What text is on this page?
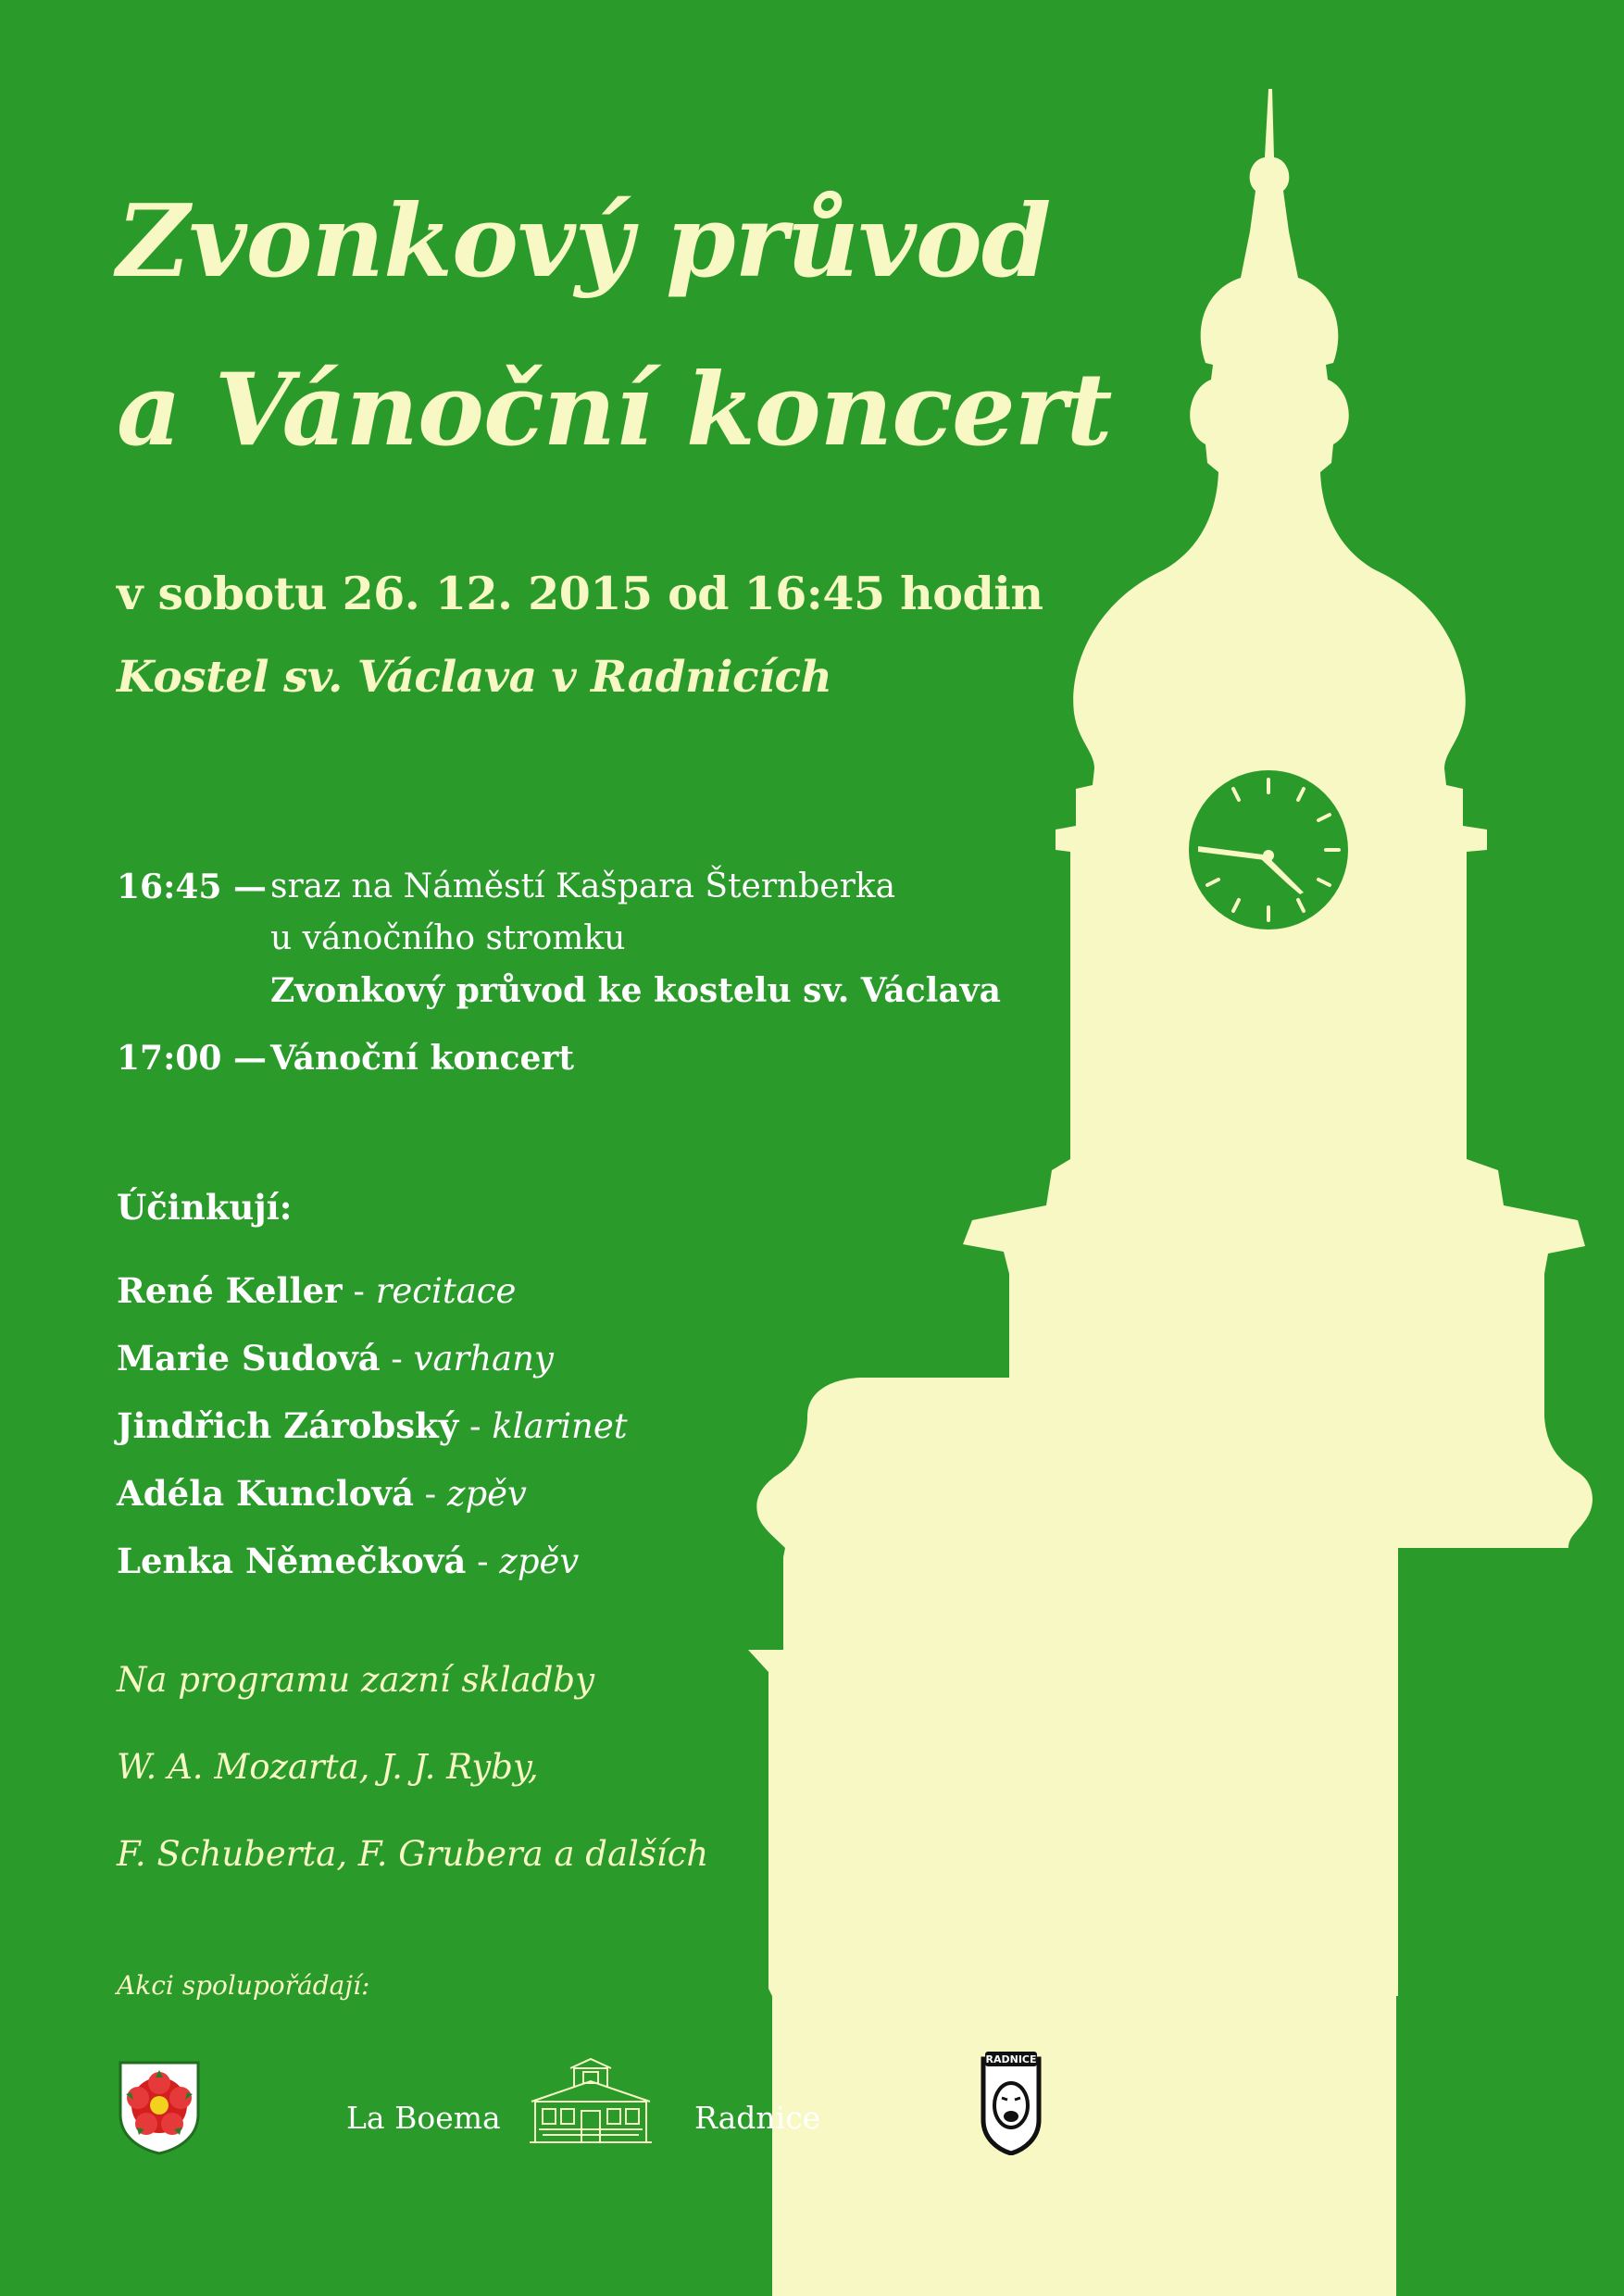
Zvonkový průvod
a Vánoční koncert
v sobotu 26. 12. 2015 od 16:45 hodin
Kostel sv. Václava v Radnicích
16:45 — sraz na Náměstí Kašpara Šternberka
u vánočního stromku
Zvonkový průvod ke kostelu sv. Václava
17:00 — Vánoční koncert
Účinkují:
René Keller - recitace
Marie Sudová - varhany
Jindřich Zárobský - klarinet
Adéla Kunclová - zpěv
Lenka Němečková - zpěv
Na programu zazní skladby
W. A. Mozarta, J. J. Ryby,
F. Schuberta, F. Grubera a dalších
Akci spolupořádají:
La Boema	Radnice
RADNICE
ŘÍMSKOKATOLICKÁ FARNOST RADNICE
IC XC
NI KA
